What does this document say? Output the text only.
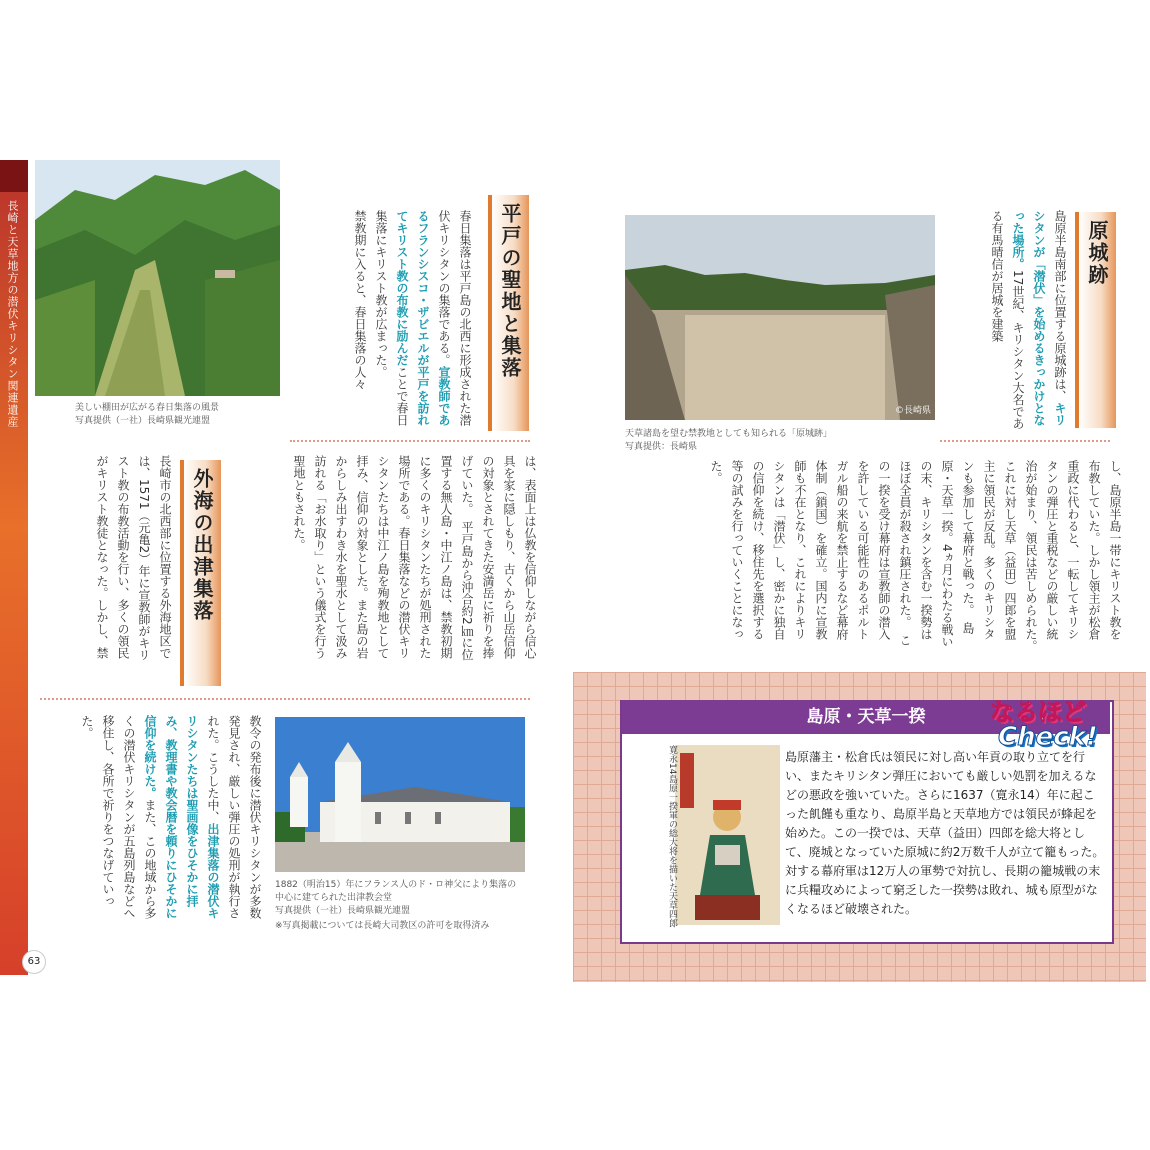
長崎と天草地方の潜伏キリシタン関連遺産
63
美しい棚田が広がる春日集落の風景
写真提供（一社）長崎県観光連盟
平戸の聖地と集落
春日集落は平戸島の北西に形成された潜伏キリシタンの集落である。宣教師であるフランシスコ・ザビエルが平戸を訪れてキリスト教の布教に励んだことで春日集落にキリスト教が広まった。
禁教期に入ると、春日集落の人々
は、表面上は仏教を信仰しながら信心具を家に隠しもり、古くから山岳信仰の対象とされてきた安満岳に祈りを捧げていた。　平戸島から沖合約2㎞に位置する無人島・中江ノ島は、禁教初期に多くのキリシタンたちが処刑された場所である。春日集落などの潜伏キリシタンたちは中江ノ島を殉教地として拝み、信仰の対象とした。また島の岩からしみ出すわき水を聖水として汲み訪れる「お水取り」という儀式を行う聖地ともされた。
外海の出津集落
長崎市の北西部に位置する外海地区では、1571（元亀2）年に宣教師がキリスト教の布教活動を行い、多くの領民がキリスト教徒となった。しかし、禁
1882（明治15）年にフランス人のド・ロ神父により集落の
中心に建てられた出津教会堂
写真提供（一社）長崎県観光連盟
※写真掲載については長崎大司教区の許可を取得済み
教令の発布後に潜伏キリシタンが多数発見され、厳しい弾圧の処刑が執行された。こうした中、出津集落の潜伏キリシタンたちは聖画像をひそかに拝み、教理書や教会暦を頼りにひそかに信仰を続けた。また、この地域から多くの潜伏キリシタンが五島列島などへ移住し、各所で祈りをつなげていった。
原城跡
島原半島南部に位置する原城跡は、キリシタンが「潜伏」を始めるきっかけとなった場所。17世紀、キリシタン大名である有馬晴信が居城を建築
©長崎県
天草諸島を望む禁教地としても知られる「原城跡」
写真提供：長崎県
し、島原半島一帯にキリスト教を布教していた。しかし領主が松倉重政に代わると、一転してキリシタンの弾圧と重税などの厳しい統治が始まり、領民は苦しめられた。　これに対し天草（益田）四郎を盟主に領民が反乱。多くのキリシタンも参加して幕府と戦った。　島原・天草一揆。4ヵ月にわたる戦いの末、キリシタンを含む一揆勢はほぼ全員が殺され鎮圧された。　この一揆を受け幕府は宣教師の潜入を許している可能性のあるポルトガル船の来航を禁止するなど幕府体制（鎖国）を確立。国内に宣教師も不在となり、これによりキリシタンは「潜伏」し、密かに独自の信仰を続け、移住先を選択する等の試みを行っていくことになった。
島原・天草一揆	なるほど
Check!
寛永14島原一揆軍の総大将を描いた天草四郎	島原藩主・松倉氏は領民に対し高い年貢の取り立てを行い、またキリシタン弾圧においても厳しい処罰を加えるなどの悪政を強いていた。さらに1637（寛永14）年に起こった飢饉も重なり、島原半島と天草地方では領民が蜂起を始めた。この一揆では、天草（益田）四郎を総大将として、廃城となっていた原城に約2万数千人が立て籠もった。対する幕府軍は12万人の軍勢で対抗し、長期の籠城戦の末に兵糧攻めによって窮乏した一揆勢は敗れ、城も原型がなくなるほど破壊された。
